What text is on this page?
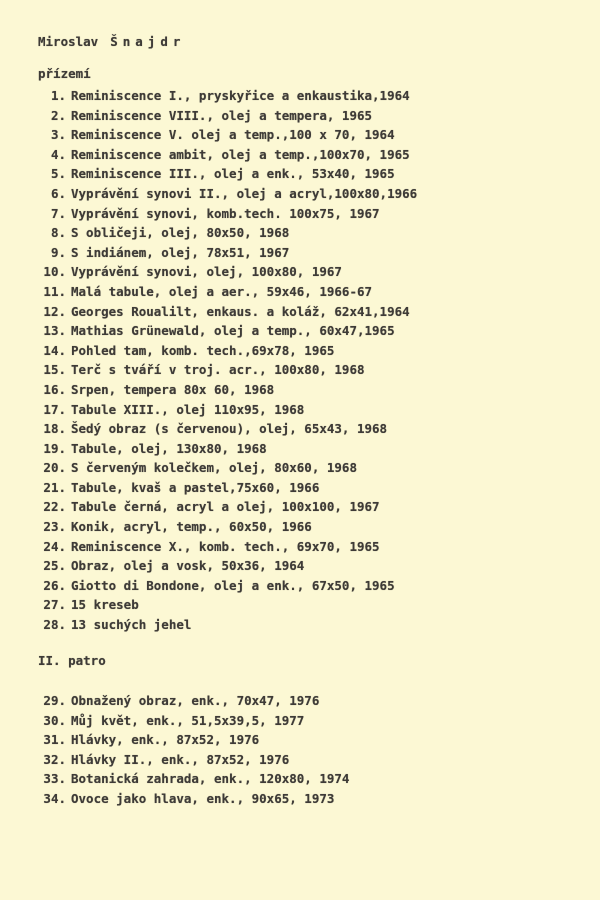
Miroslav Šnajdr
přízemí
1. Reminiscence I., pryskyřice a enkaustika,1964
2. Reminiscence VIII., olej a tempera, 1965
3. Reminiscence V. olej a temp.,100 x 70, 1964
4. Reminiscence ambit, olej a temp.,100x70, 1965
5. Reminiscence III., olej a enk., 53x40, 1965
6. Vyprávění synovi II., olej a acryl,100x80,1966
7. Vyprávění synovi, komb.tech. 100x75, 1967
8. S obličeji, olej, 80x50, 1968
9. S indiánem, olej, 78x51, 1967
10. Vyprávění synovi, olej, 100x80, 1967
11. Malá tabule, olej a aer., 59x46, 1966-67
12. Georges Roualilt, enkaus. a koláž, 62x41,1964
13. Mathias Grünewald, olej a temp., 60x47,1965
14. Pohled tam, komb. tech.,69x78, 1965
15. Terč s tváří v troj. acr., 100x80, 1968
16. Srpen, tempera 80x 60, 1968
17. Tabule XIII., olej 110x95, 1968
18. Šedý obraz (s červenou), olej, 65x43, 1968
19. Tabule, olej, 130x80, 1968
20. S červeným kolečkem, olej, 80x60, 1968
21. Tabule, kvaš a pastel,75x60, 1966
22. Tabule černá, acryl a olej, 100x100, 1967
23. Konik, acryl, temp., 60x50, 1966
24. Reminiscence X., komb. tech., 69x70, 1965
25. Obraz, olej a vosk, 50x36, 1964
26. Giotto di Bondone, olej a enk., 67x50, 1965
27. 15 kreseb
28. 13 suchých jehel
II. patro
29. Obnažený obraz, enk., 70x47, 1976
30. Můj květ, enk., 51,5x39,5, 1977
31. Hlávky, enk., 87x52, 1976
32. Hlávky II., enk., 87x52, 1976
33. Botanická zahrada, enk., 120x80, 1974
34. Ovoce jako hlava, enk., 90x65, 1973
